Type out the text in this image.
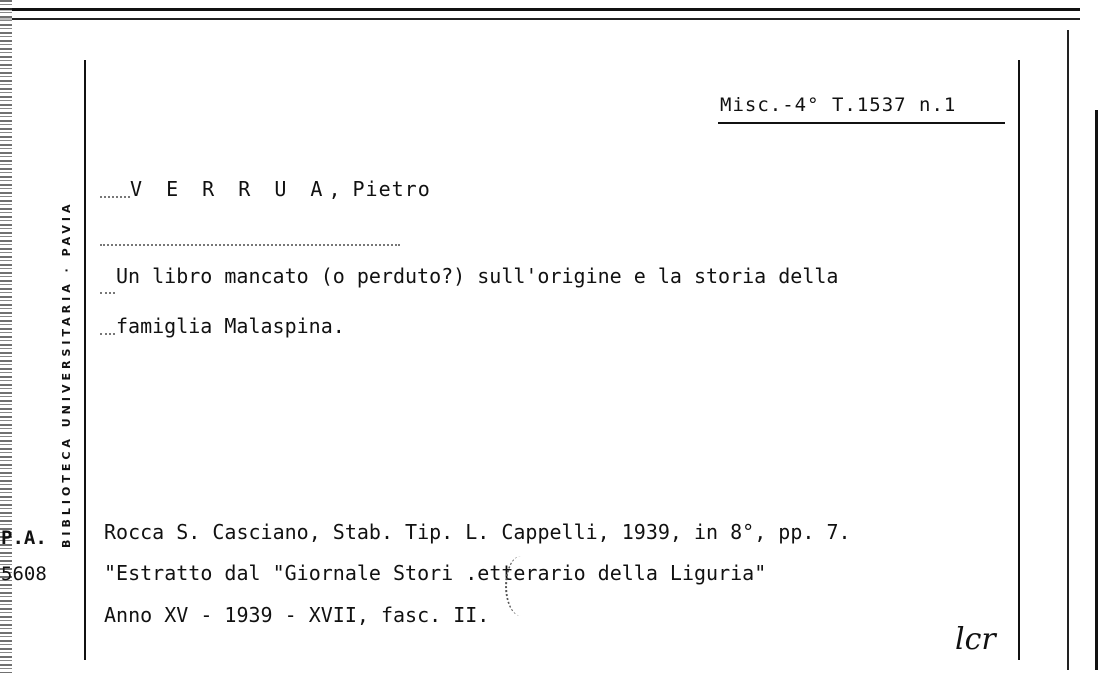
BIBLIOTECA UNIVERSITARIA · PAVIA
P.A.
5608
Misc.-4° T.1537 n.1
V E R R U A, Pietro
Un libro mancato (o perduto?) sull'origine e la storia della
famiglia Malaspina.
Rocca S. Casciano, Stab. Tip. L. Cappelli, 1939, in 8°, pp. 7.
"Estratto dal "Giornale Stori .etterario della Liguria"
Anno XV - 1939 - XVII, fasc. II.
lcr
